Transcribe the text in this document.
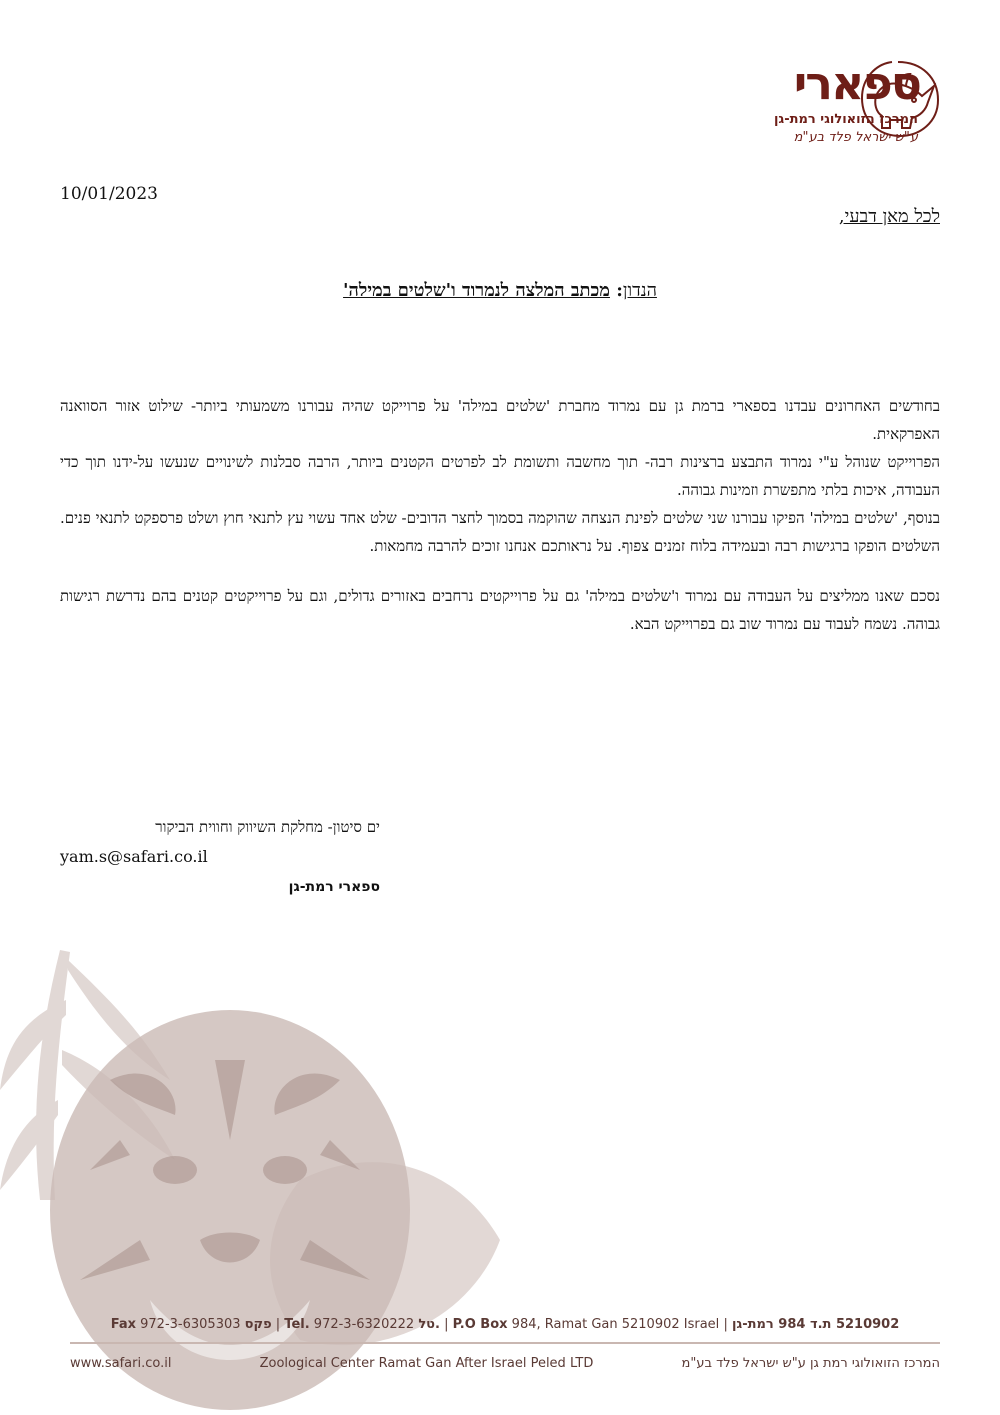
ספארי
המרכז הזואולוגי רמת-גן
ע"ש ישראל פלד בע"מ
10/01/2023
לכל מאן דבעי,
הנדון: מכתב המלצה לנמרוד ו'שלטים במילה'

בחודשים האחרונים עבדנו בספארי ברמת גן עם נמרוד מחברת 'שלטים במילה' על פרוייקט שהיה עבורנו משמעותי ביותר- שילוט אזור הסוואנה האפרקאית.

הפרוייקט שנוהל ע"י נמרוד התבצע ברצינות רבה- תוך מחשבה ותשומת לב לפרטים הקטנים ביותר, הרבה סבלנות לשינויים שנעשו על-ידנו תוך כדי העבודה, איכות בלתי מתפשרת וזמינות גבוהה.

בנוסף, 'שלטים במילה' הפיקו עבורנו שני שלטים לפינת הנצחה שהוקמה בסמוך לחצר הדובים- שלט אחד עשוי עץ לתנאי חוץ ושלט פרספקט לתנאי פנים. השלטים הופקו ברגישות רבה ובעמידה בלוח זמנים צפוף. על נראותכם אנחנו זוכים להרבה מחמאות.

נסכם שאנו ממליצים על העבודה עם נמרוד ו'שלטים במילה' גם על פרוייקטים נרחבים באזורים גדולים, וגם על פרוייקטים קטנים בהם נדרשת רגישות גבוהה. נשמח לעבוד עם נמרוד שוב גם בפרוייקט הבא.

ים סיטון- מחלקת השיווק וחווית הביקור
yam.s@safari.co.il
ספארי רמת-גן
Fax 972-3-6305303 פקס | Tel. 972-3-6320222 טל. | P.O Box 984, Ramat Gan 5210902 Israel | 5210902 ת.ד 984 רמת-גן
www.safari.co.il	Zoological Center Ramat Gan After Israel Peled LTD	המרכז הזואולוגי רמת גן ע"ש ישראל פלד בע"מ
